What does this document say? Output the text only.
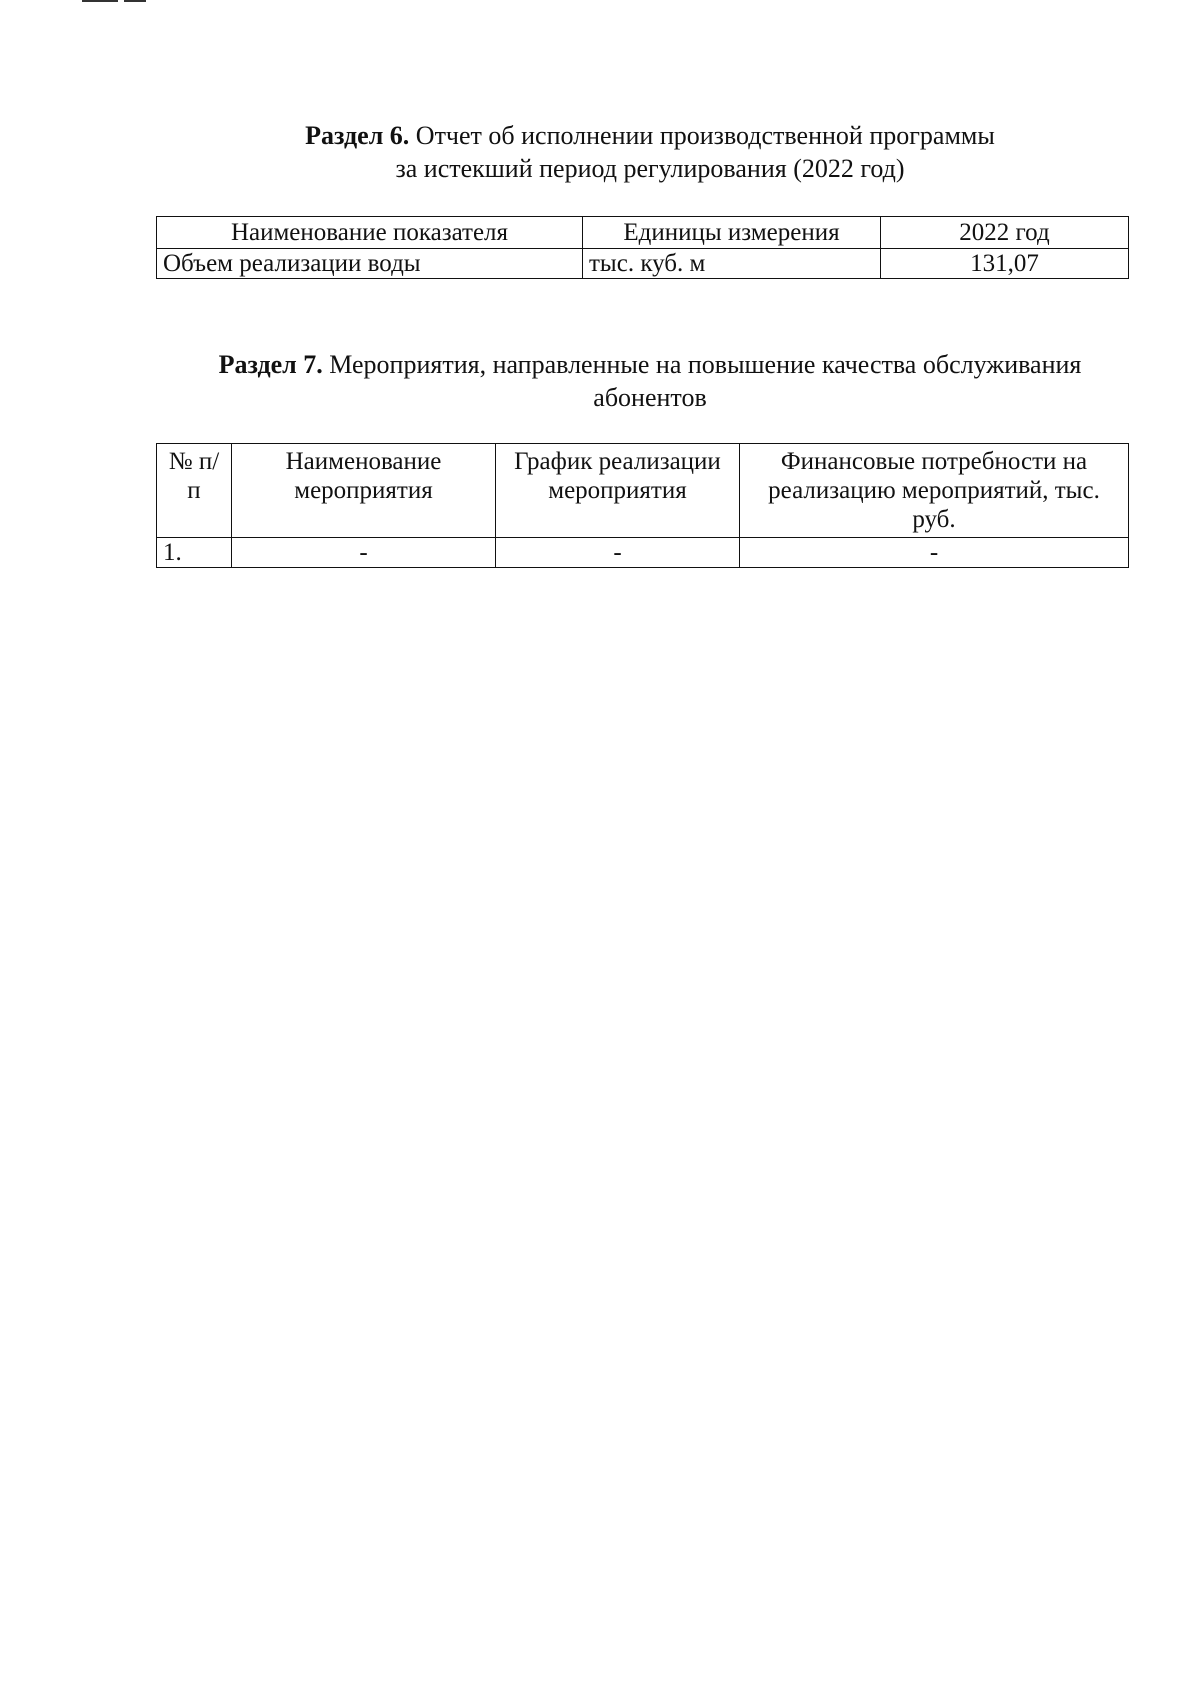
Раздел 6. Отчет об исполнении производственной программы
за истекший период регулирования (2022 год)
Наименование показателя	Единицы измерения	2022 год
Объем реализации воды	тыс. куб. м	131,07
Раздел 7. Мероприятия, направленные на повышение качества обслуживания
абонентов
№ п/п	Наименование мероприятия	График реализации мероприятия	Финансовые потребности на реализацию мероприятий, тыс. руб.
1.	-	-	-
